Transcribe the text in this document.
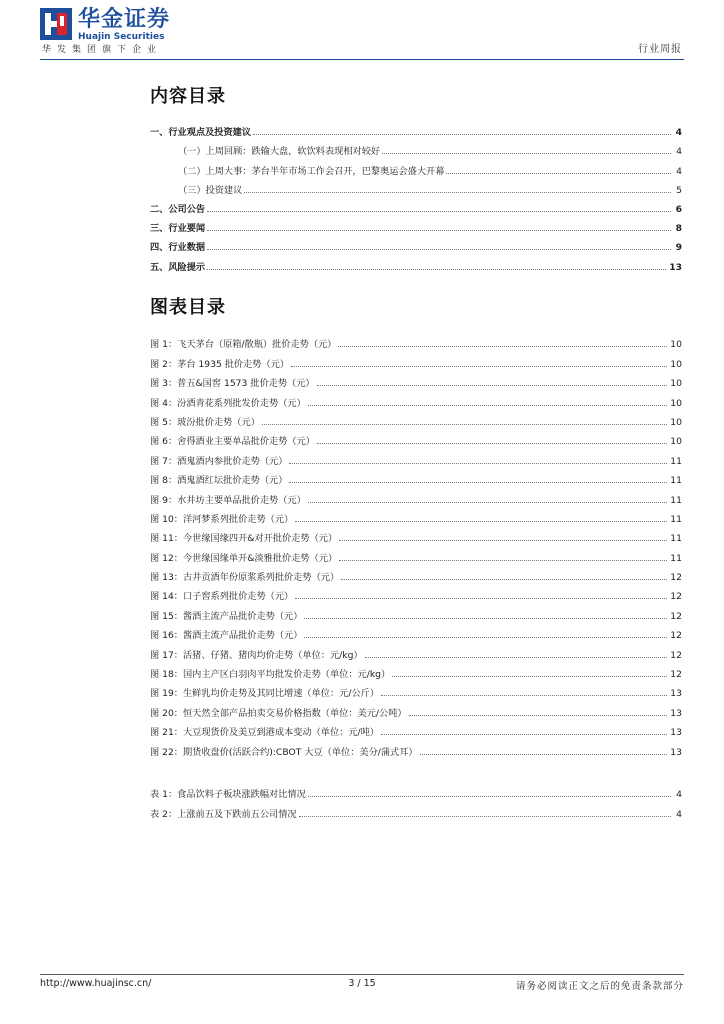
华金证券
Huajin Securities
华发集团旗下企业	行业周报
内容目录
一、行业观点及投资建议	4
（一）上周回顾：跌输大盘，软饮料表现相对较好	4
（二）上周大事：茅台半年市场工作会召开，巴黎奥运会盛大开幕	4
（三）投资建议	5
二、公司公告	6
三、行业要闻	8
四、行业数据	9
五、风险提示	13
图表目录
图 1：飞天茅台（原箱/散瓶）批价走势（元）	10
图 2：茅台 1935 批价走势（元）	10
图 3：普五&国窖 1573 批价走势（元）	10
图 4：汾酒青花系列批发价走势（元）	10
图 5：玻汾批价走势（元）	10
图 6：舍得酒业主要单品批价走势（元）	10
图 7：酒鬼酒内参批价走势（元）	11
图 8：酒鬼酒红坛批价走势（元）	11
图 9：水井坊主要单品批价走势（元）	11
图 10：洋河梦系列批价走势（元）	11
图 11：今世缘国缘四开&对开批价走势（元）	11
图 12：今世缘国缘单开&淡雅批价走势（元）	11
图 13：古井贡酒年份原浆系列批价走势（元）	12
图 14：口子窖系列批价走势（元）	12
图 15：酱酒主流产品批价走势（元）	12
图 16：酱酒主流产品批价走势（元）	12
图 17：活猪、仔猪、猪肉均价走势（单位：元/kg）	12
图 18：国内主产区白羽肉平均批发价走势（单位：元/kg）	12
图 19：生鲜乳均价走势及其同比增速（单位：元/公斤）	13
图 20：恒天然全部产品拍卖交易价格指数（单位：美元/公吨）	13
图 21：大豆现货价及美豆到港成本变动（单位：元/吨）	13
图 22：期货收盘价(活跃合约):CBOT 大豆（单位：美分/蒲式耳）	13
表 1：食品饮料子板块涨跌幅对比情况	4
表 2：上涨前五及下跌前五公司情况	4
http://www.huajinsc.cn/	3 / 15	请务必阅读正文之后的免责条款部分
